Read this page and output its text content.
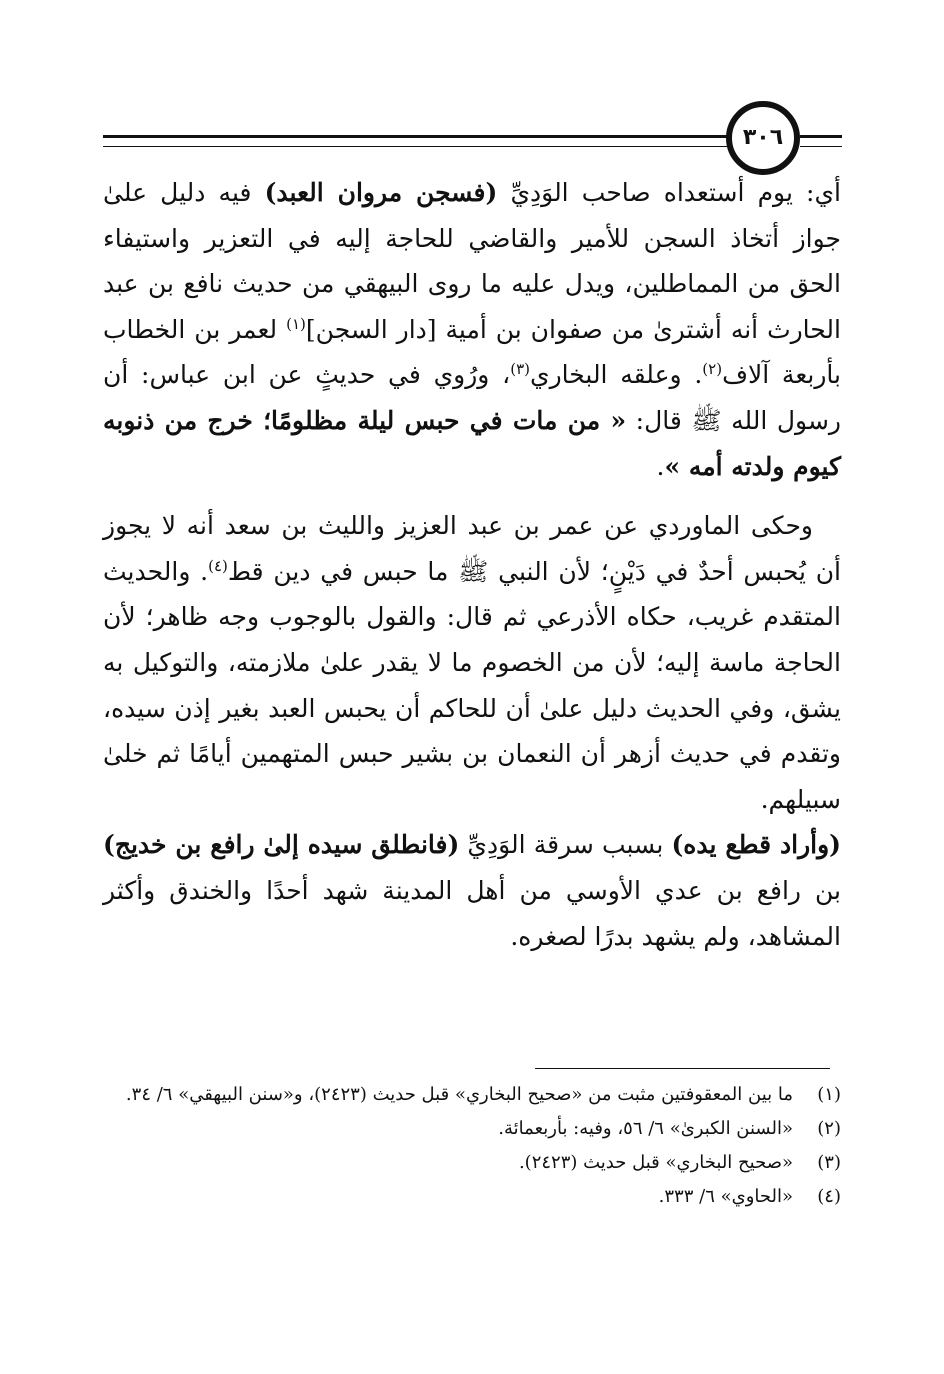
٣٠٦

أي: يوم أستعداه صاحب الوَدِيِّ (فسجن مروان العبد) فيه دليل علىٰ جواز أتخاذ السجن للأمير والقاضي للحاجة إليه في التعزير واستيفاء الحق من المماطلين، ويدل عليه ما روى البيهقي من حديث نافع بن عبد الحارث أنه أشترىٰ من صفوان بن أمية [دار السجن]$^{(١)}$ لعمر بن الخطاب بأربعة آلاف$^{(٢)}$. وعلقه البخاري$^{(٣)}$، ورُوي في حديثٍ عن ابن عباس: أن رسول الله ﷺ قال: « من مات في حبس ليلة مظلومًا؛ خرج من ذنوبه كيوم ولدته أمه ».

وحكى الماوردي عن عمر بن عبد العزيز والليث بن سعد أنه لا يجوز أن يُحبس أحدٌ في دَيْنٍ؛ لأن النبي ﷺ ما حبس في دين قط$^{(٤)}$. والحديث المتقدم غريب، حكاه الأذرعي ثم قال: والقول بالوجوب وجه ظاهر؛ لأن الحاجة ماسة إليه؛ لأن من الخصوم ما لا يقدر علىٰ ملازمته، والتوكيل به يشق، وفي الحديث دليل علىٰ أن للحاكم أن يحبس العبد بغير إذن سيده، وتقدم في حديث أزهر أن النعمان بن بشير حبس المتهمين أيامًا ثم خلىٰ سبيلهم.

(وأراد قطع يده) بسبب سرقة الوَدِيِّ (فانطلق سيده إلىٰ رافع بن خديج) بن رافع بن عدي الأوسي من أهل المدينة شهد أحدًا والخندق وأكثر المشاهد، ولم يشهد بدرًا لصغره.

(١)
ما بين المعقوفتين مثبت من «صحيح البخاري» قبل حديث (٢٤٢٣)، و«سنن البيهقي» ٦/ ٣٤.
(٢)
«السنن الكبرىٰ» ٦/ ٥٦، وفيه: بأربعمائة.
(٣)
«صحيح البخاري» قبل حديث (٢٤٢٣).
(٤)
«الحاوي» ٦/ ٣٣٣.
